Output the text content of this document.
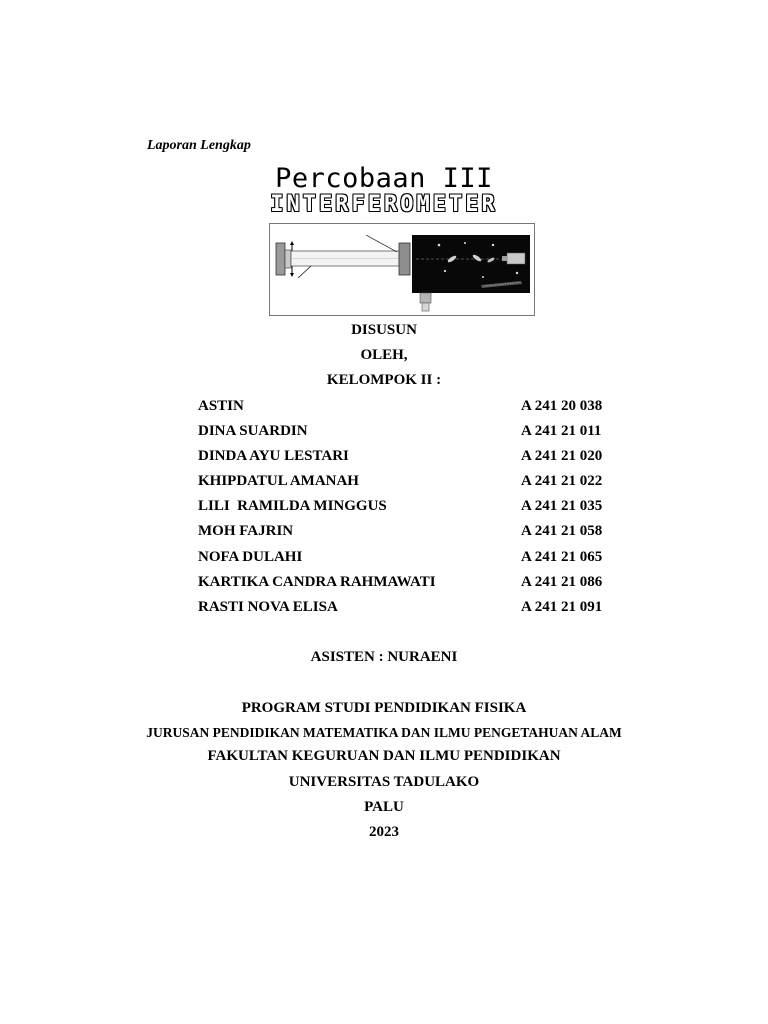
Laporan Lengkap
Percobaan III
INTERFEROMETER
DISUSUN
OLEH,
KELOMPOK II :
ASTIN	A 241 20 038
DINA SUARDIN	A 241 21 011
DINDA AYU LESTARI	A 241 21 020
KHIPDATUL AMANAH	A 241 21 022
LILI  RAMILDA MINGGUS	A 241 21 035
MOH FAJRIN	A 241 21 058
NOFA DULAHI	A 241 21 065
KARTIKA CANDRA RAHMAWATI	A 241 21 086
RASTI NOVA ELISA	A 241 21 091
ASISTEN : NURAENI
PROGRAM STUDI PENDIDIKAN FISIKA
JURUSAN PENDIDIKAN MATEMATIKA DAN ILMU PENGETAHUAN ALAM
FAKULTAN KEGURUAN DAN ILMU PENDIDIKAN
UNIVERSITAS TADULAKO
PALU
2023
